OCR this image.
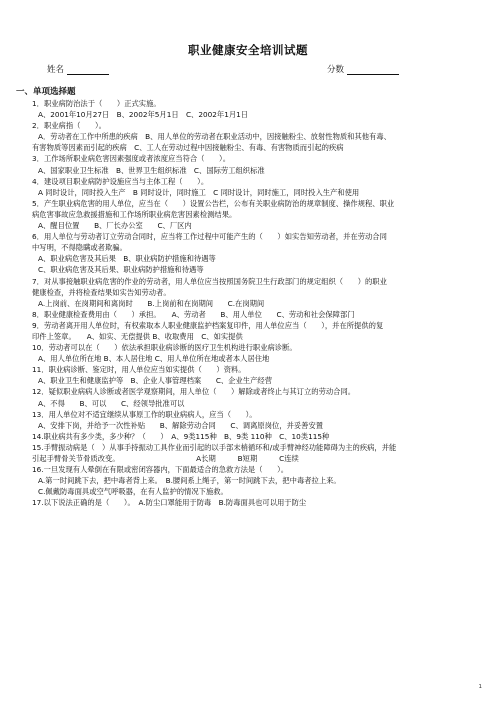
职业健康安全培训试题
姓名	分数
一、单项选择题
1．职业病防治法于（　　）正式实施。
A、2001年10月27日　B、2002年5月1日　C、2002年1月1日
2．职业病指（　　）。
A．劳动者在工作中所患的疾病　B、用人单位的劳动者在职业活动中，因接触粉尘、放射性物质和其他有毒、
有害物质等因素而引起的疾病　C、工人在劳动过程中因接触粉尘、有毒、有害物质而引起的疾病
3．工作场所职业病危害因素强度或者浓度应当符合（　　）。
A、国家职业卫生标准　B、世界卫生组织标准　C、国际劳工组织标准
4．建设项目职业病防护设施应当与主体工程（　　）。
A 同时设计，同时投入生产　B 同时设计，同时施工　C 同时设计，同时施工，同时投入生产和使用
5．产生职业病危害的用人单位，应当在（　　）设置公告栏，公布有关职业病防治的规章制度、操作规程、职业
病危害事故应急救援措施和工作场所职业病危害因素检测结果。
A、醒目位置　　B、厂长办公室　　C、厂区内
6．用人单位与劳动者订立劳动合同时，应当将工作过程中可能产生的（　　）如实告知劳动者，并在劳动合同
中写明，不得隐瞒或者欺骗。
A、职业病危害及其后果　B、职业病防护措施和待遇等
C、职业病危害及其后果、职业病防护措施和待遇等
7．对从事接触职业病危害的作业的劳动者，用人单位应当按照国务院卫生行政部门的规定组织（　　）的职业
健康检查，并将检查结果如实告知劳动者。
A.上岗前、在岗期间和离岗时　　B.上岗前和在岗期间　　C.在岗期间
8．职业健康检查费用由（　　）承担。　　A、劳动者　　B、用人单位　　C、劳动和社会保障部门
9．劳动者离开用人单位时，有权索取本人职业健康监护档案复印件，用人单位应当（　　），并在所提供的复
印件上签章。　　A、如实、无偿提供 B、收取费用　C、如实提供
10．劳动者可以在（　　）依法承担职业病诊断的医疗卫生机构进行职业病诊断。
A、用人单位所在地 B、本人居住地 C、用人单位所在地或者本人居住地
11．职业病诊断、鉴定时，用人单位应当如实提供（　　）资料。
A、职业卫生和健康监护等　B、企业人事管理档案　　C、企业生产经营
12．疑似职业病病人诊断或者医学观察期间，用人单位（　　）解除或者终止与其订立的劳动合同。
A、不得　　B、可以　　C、经领导批准可以
13．用人单位对不适宜继续从事原工作的职业病病人，应当（　　）。
A、安排下岗，并给予一次性补贴　　B、解除劳动合同　　C、调离原岗位，并妥善安置
14.职业病共有多少类，多少种？（　　）　A、9类115种　B、9类 110种　C、10类115种
15.手臂振动病是（　）从事手持振动工具作业而引起的以手部末梢循环和/或手臂神经功能障碍为主的疾病，并能
引起手臂骨关节骨质改变。　　　　　　　　　　　A长期　　　B短期　　　C连续
16.一旦发现有人晕倒在有限或密闭容器内，下面最适合的急救方法是（　　）。
A.第一时间跳下去，把中毒者背上来。　B.腰间系上绳子，第一时间跳下去，把中毒者拉上来。
C.佩戴防毒面具或空气呼吸器，在有人监护的情况下施救。
17.以下说法正确的是（　　）。　A.防尘口罩能用于防毒　B.防毒面具也可以用于防尘
1
